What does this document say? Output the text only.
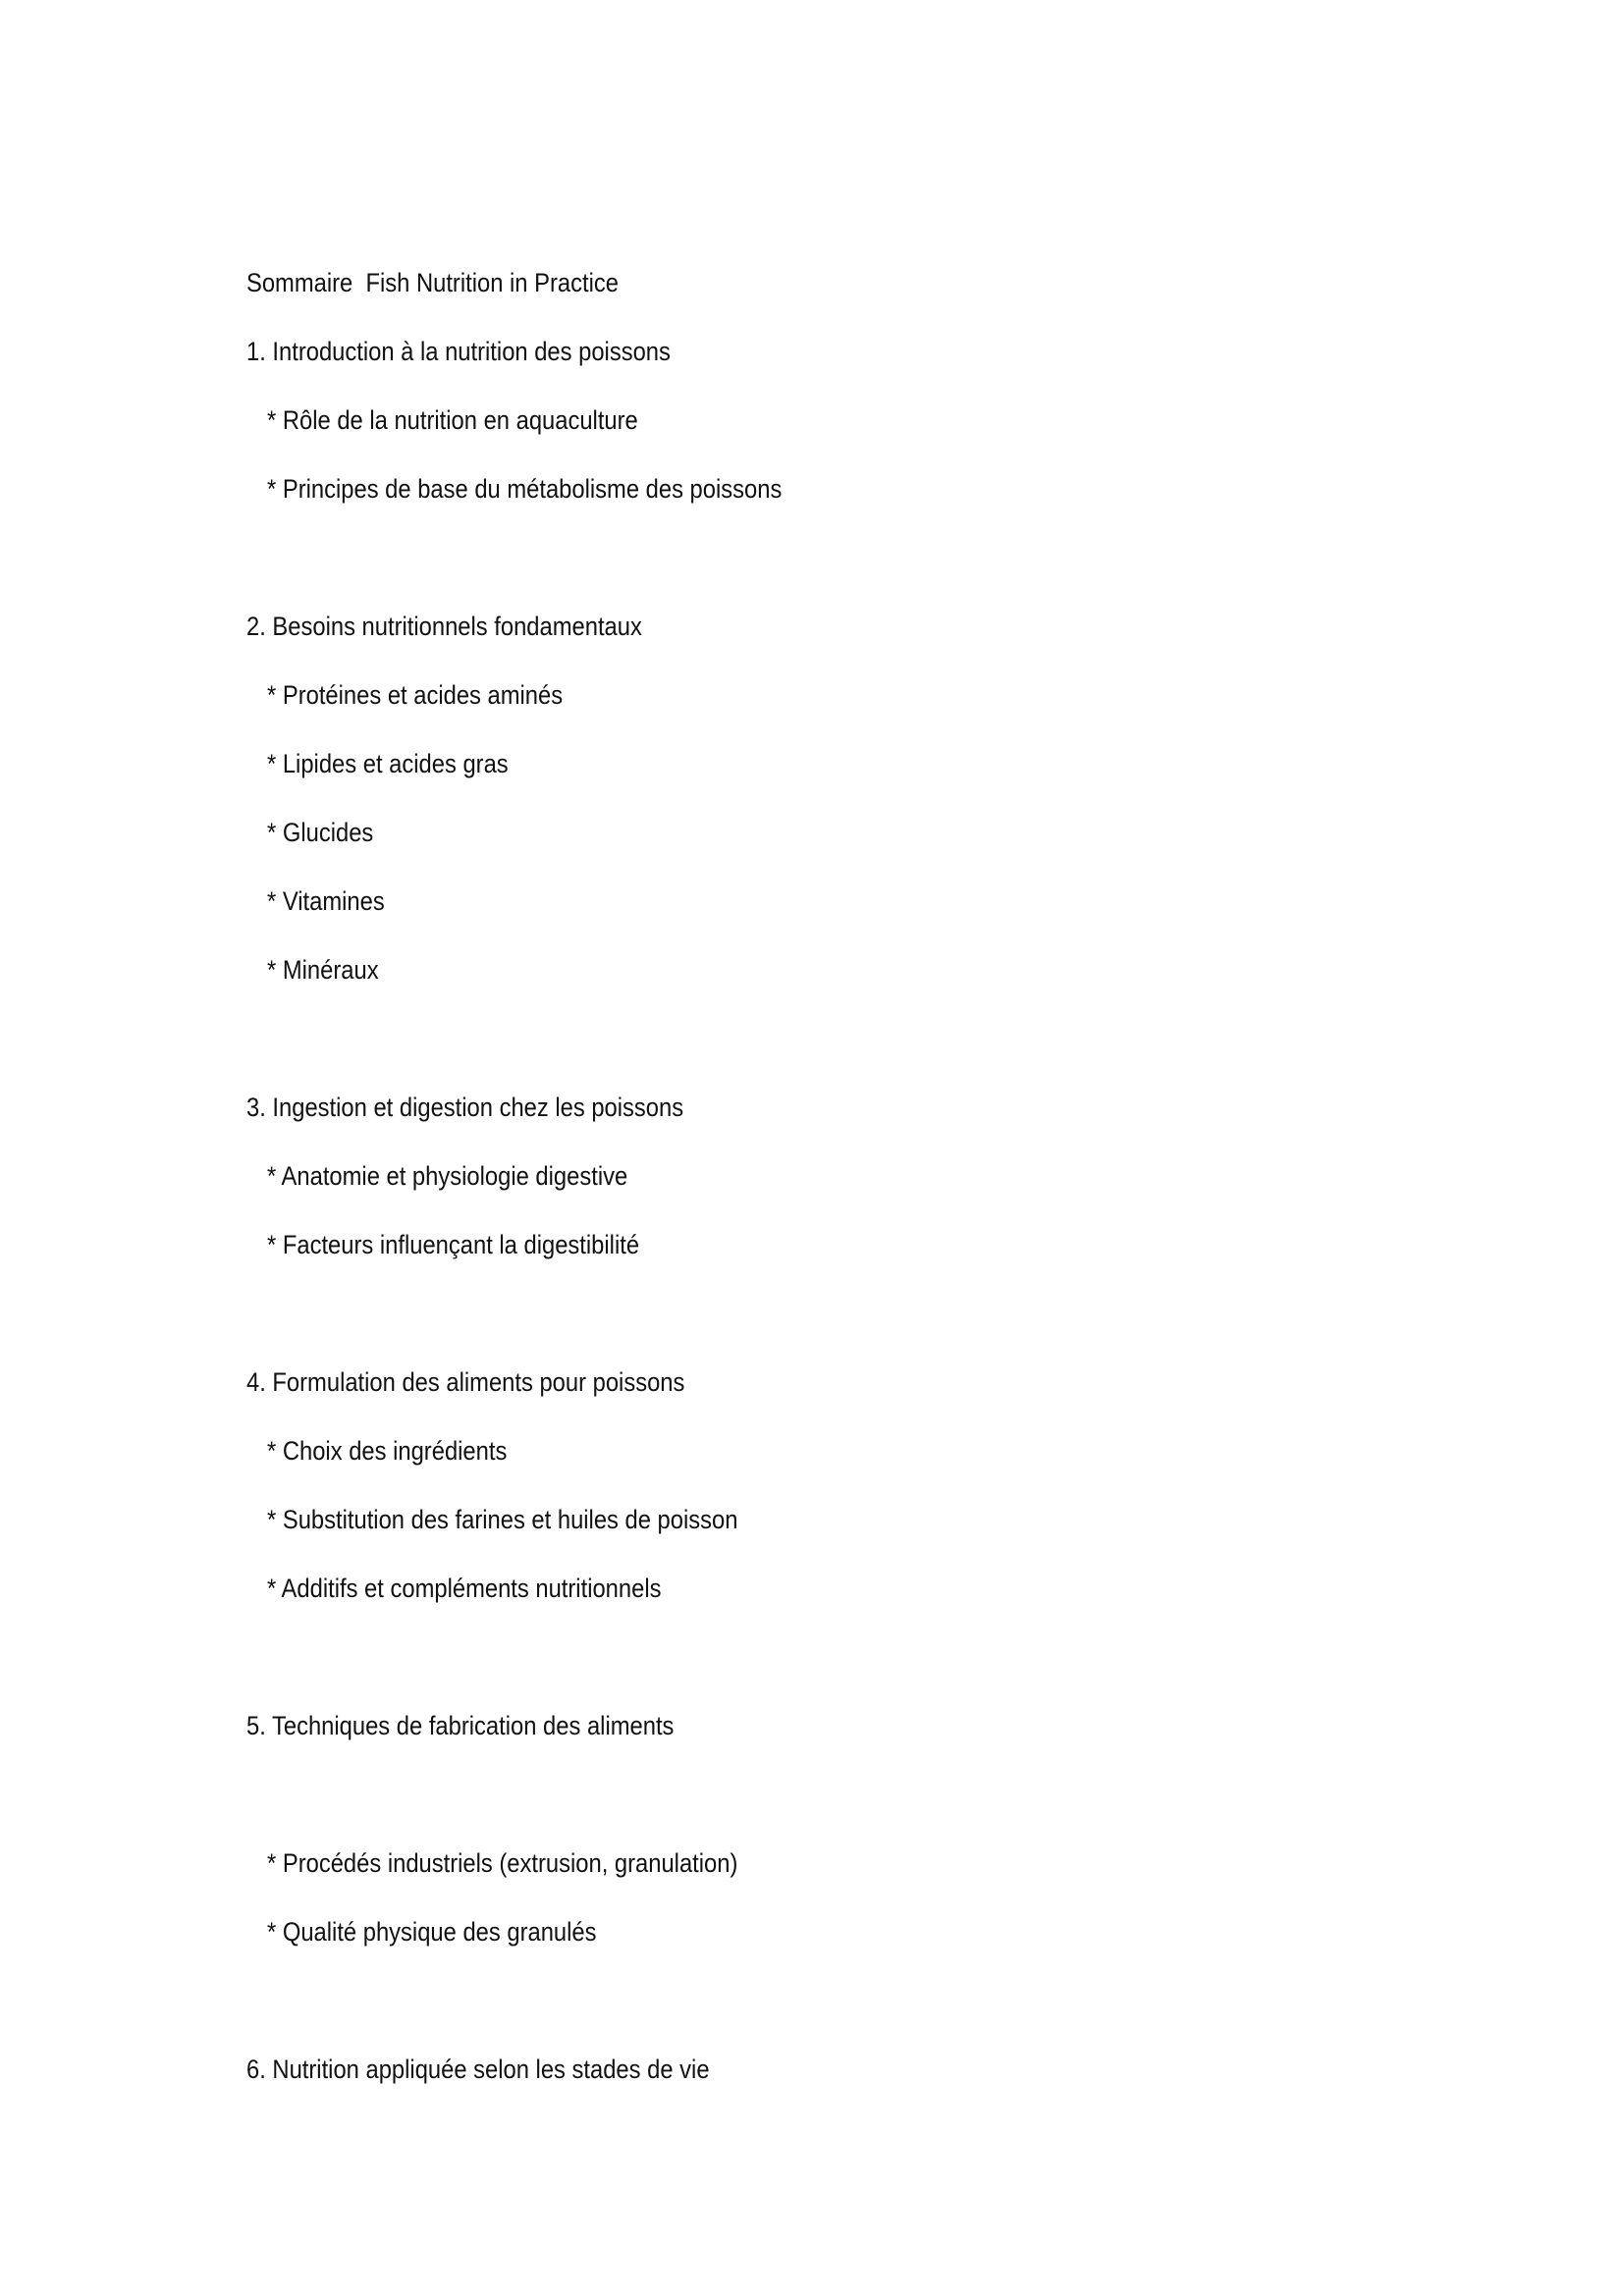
Sommaire  Fish Nutrition in Practice
1. Introduction à la nutrition des poissons
* Rôle de la nutrition en aquaculture
* Principes de base du métabolisme des poissons
2. Besoins nutritionnels fondamentaux
* Protéines et acides aminés
* Lipides et acides gras
* Glucides
* Vitamines
* Minéraux
3. Ingestion et digestion chez les poissons
* Anatomie et physiologie digestive
* Facteurs influençant la digestibilité
4. Formulation des aliments pour poissons
* Choix des ingrédients
* Substitution des farines et huiles de poisson
* Additifs et compléments nutritionnels
5. Techniques de fabrication des aliments
* Procédés industriels (extrusion, granulation)
* Qualité physique des granulés
6. Nutrition appliquée selon les stades de vie
